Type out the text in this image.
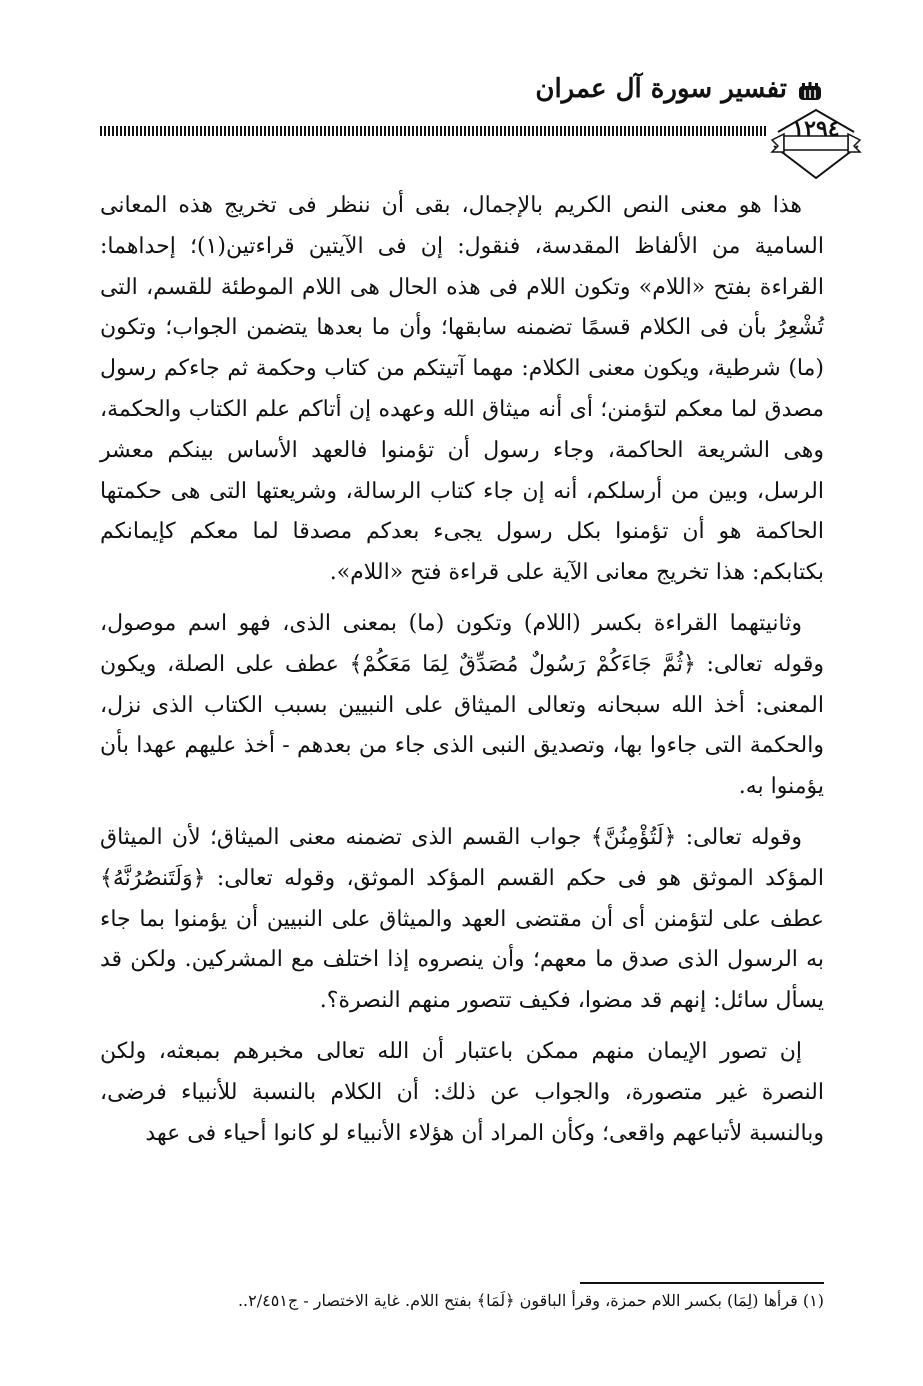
تفسير سورة آل عمران
١٢٩٤

هذا هو معنى النص الكريم بالإجمال، بقى أن ننظر فى تخريج هذه المعانى السامية من الألفاظ المقدسة، فنقول: إن فى الآيتين قراءتين(١)؛ إحداهما: القراءة بفتح «اللام» وتكون اللام فى هذه الحال هى اللام الموطئة للقسم، التى تُشْعِرُ بأن فى الكلام قسمًا تضمنه سابقها؛ وأن ما بعدها يتضمن الجواب؛ وتكون (ما) شرطية، ويكون معنى الكلام: مهما آتيتكم من كتاب وحكمة ثم جاءكم رسول مصدق لما معكم لتؤمنن؛ أى أنه ميثاق الله وعهده إن أتاكم علم الكتاب والحكمة، وهى الشريعة الحاكمة، وجاء رسول أن تؤمنوا فالعهد الأساس بينكم معشر الرسل، وبين من أرسلكم، أنه إن جاء كتاب الرسالة، وشريعتها التى هى حكمتها الحاكمة هو أن تؤمنوا بكل رسول يجىء بعدكم مصدقا لما معكم كإيمانكم بكتابكم: هذا تخريج معانى الآية على قراءة فتح «اللام».

وثانيتهما القراءة بكسر (اللام) وتكون (ما) بمعنى الذى، فهو اسم موصول، وقوله تعالى: ﴿ثُمَّ جَاءَكُمْ رَسُولٌ مُصَدِّقٌ لِمَا مَعَكُمْ﴾ عطف على الصلة، ويكون المعنى: أخذ الله سبحانه وتعالى الميثاق على النبيين بسبب الكتاب الذى نزل، والحكمة التى جاءوا بها، وتصديق النبى الذى جاء من بعدهم - أخذ عليهم عهدا بأن يؤمنوا به.

وقوله تعالى: ﴿لَتُؤْمِنُنَّ﴾ جواب القسم الذى تضمنه معنى الميثاق؛ لأن الميثاق المؤكد الموثق هو فى حكم القسم المؤكد الموثق، وقوله تعالى: ﴿وَلَتَنصُرُنَّهُ﴾ عطف على لتؤمنن أى أن مقتضى العهد والميثاق على النبيين أن يؤمنوا بما جاء به الرسول الذى صدق ما معهم؛ وأن ينصروه إذا اختلف مع المشركين. ولكن قد يسأل سائل: إنهم قد مضوا، فكيف تتصور منهم النصرة؟.

إن تصور الإيمان منهم ممكن باعتبار أن الله تعالى مخبرهم بمبعثه، ولكن النصرة غير متصورة، والجواب عن ذلك: أن الكلام بالنسبة للأنبياء فرضى، وبالنسبة لأتباعهم واقعى؛ وكأن المراد أن هؤلاء الأنبياء لو كانوا أحياء فى عهد

(١) قرأها (لِمَا) بكسر اللام حمزة، وقرأ الباقون ﴿لَمَا﴾ بفتح اللام. غاية الاختصار - ج٢/٤٥١..
